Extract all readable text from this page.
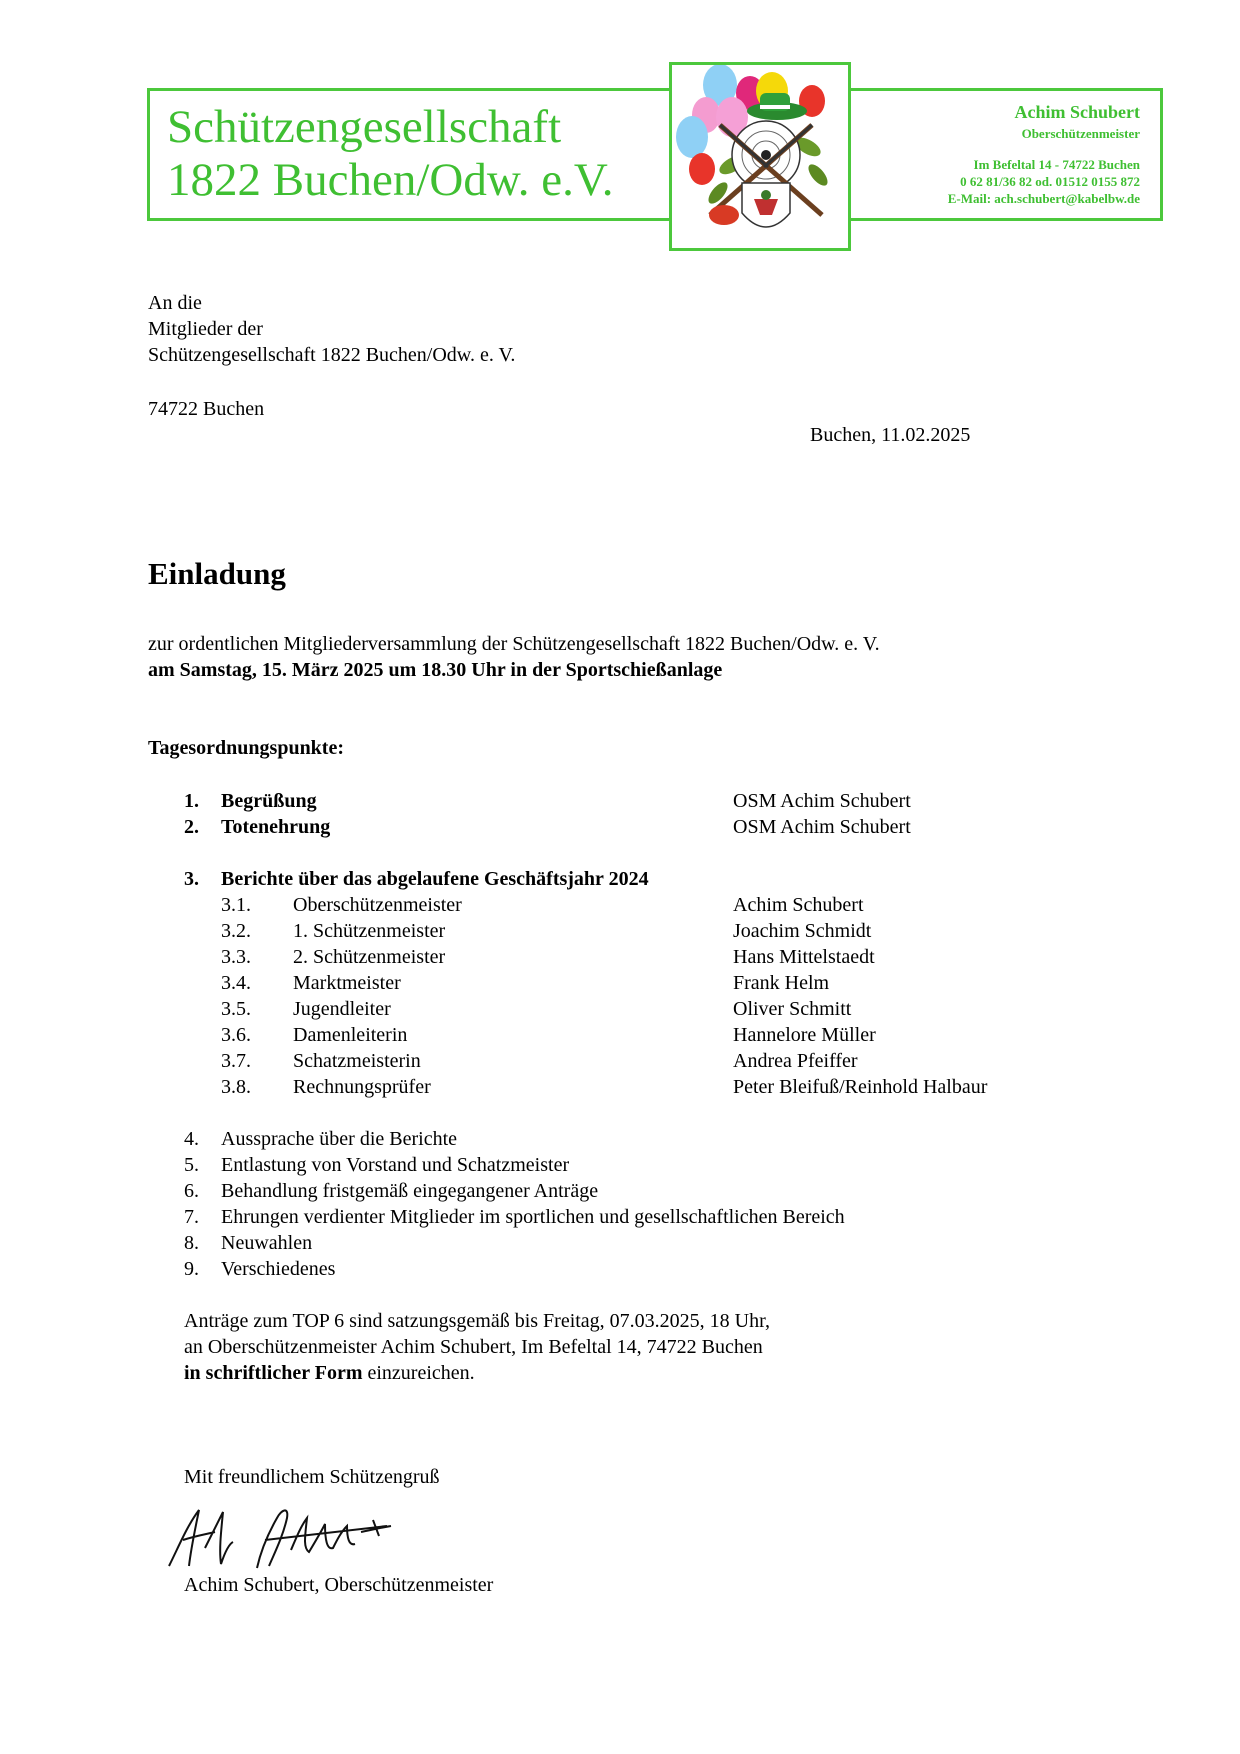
Schützengesellschaft
1822 Buchen/Odw. e.V.
Achim Schubert
Oberschützenmeister
Im Befeltal 14 - 74722 Buchen
0 62 81/36 82 od. 01512 0155 872
E-Mail: ach.schubert@kabelbw.de
An die
Mitglieder der
Schützengesellschaft 1822 Buchen/Odw. e. V.
74722 Buchen
Buchen, 11.02.2025
Einladung
zur ordentlichen Mitgliederversammlung der Schützengesellschaft 1822 Buchen/Odw. e. V.
am Samstag, 15. März 2025 um 18.30 Uhr in der Sportschießanlage
Tagesordnungspunkte:
1. Begrüßung	OSM Achim Schubert
2. Totenehrung	OSM Achim Schubert
3. Berichte über das abgelaufene Geschäftsjahr 2024
3.1. Oberschützenmeister	Achim Schubert
3.2. 1. Schützenmeister	Joachim Schmidt
3.3. 2. Schützenmeister	Hans Mittelstaedt
3.4. Marktmeister	Frank Helm
3.5. Jugendleiter	Oliver Schmitt
3.6. Damenleiterin	Hannelore Müller
3.7. Schatzmeisterin	Andrea Pfeiffer
3.8. Rechnungsprüfer	Peter Bleifuß/Reinhold Halbaur
4. Aussprache über die Berichte
5. Entlastung von Vorstand und Schatzmeister
6. Behandlung fristgemäß eingegangener Anträge
7. Ehrungen verdienter Mitglieder im sportlichen und gesellschaftlichen Bereich
8. Neuwahlen
9. Verschiedenes
Anträge zum TOP 6 sind satzungsgemäß bis Freitag, 07.03.2025, 18 Uhr,
an Oberschützenmeister Achim Schubert, Im Befeltal 14, 74722 Buchen
in schriftlicher Form einzureichen.
Mit freundlichem Schützengruß
Achim Schubert, Oberschützenmeister
